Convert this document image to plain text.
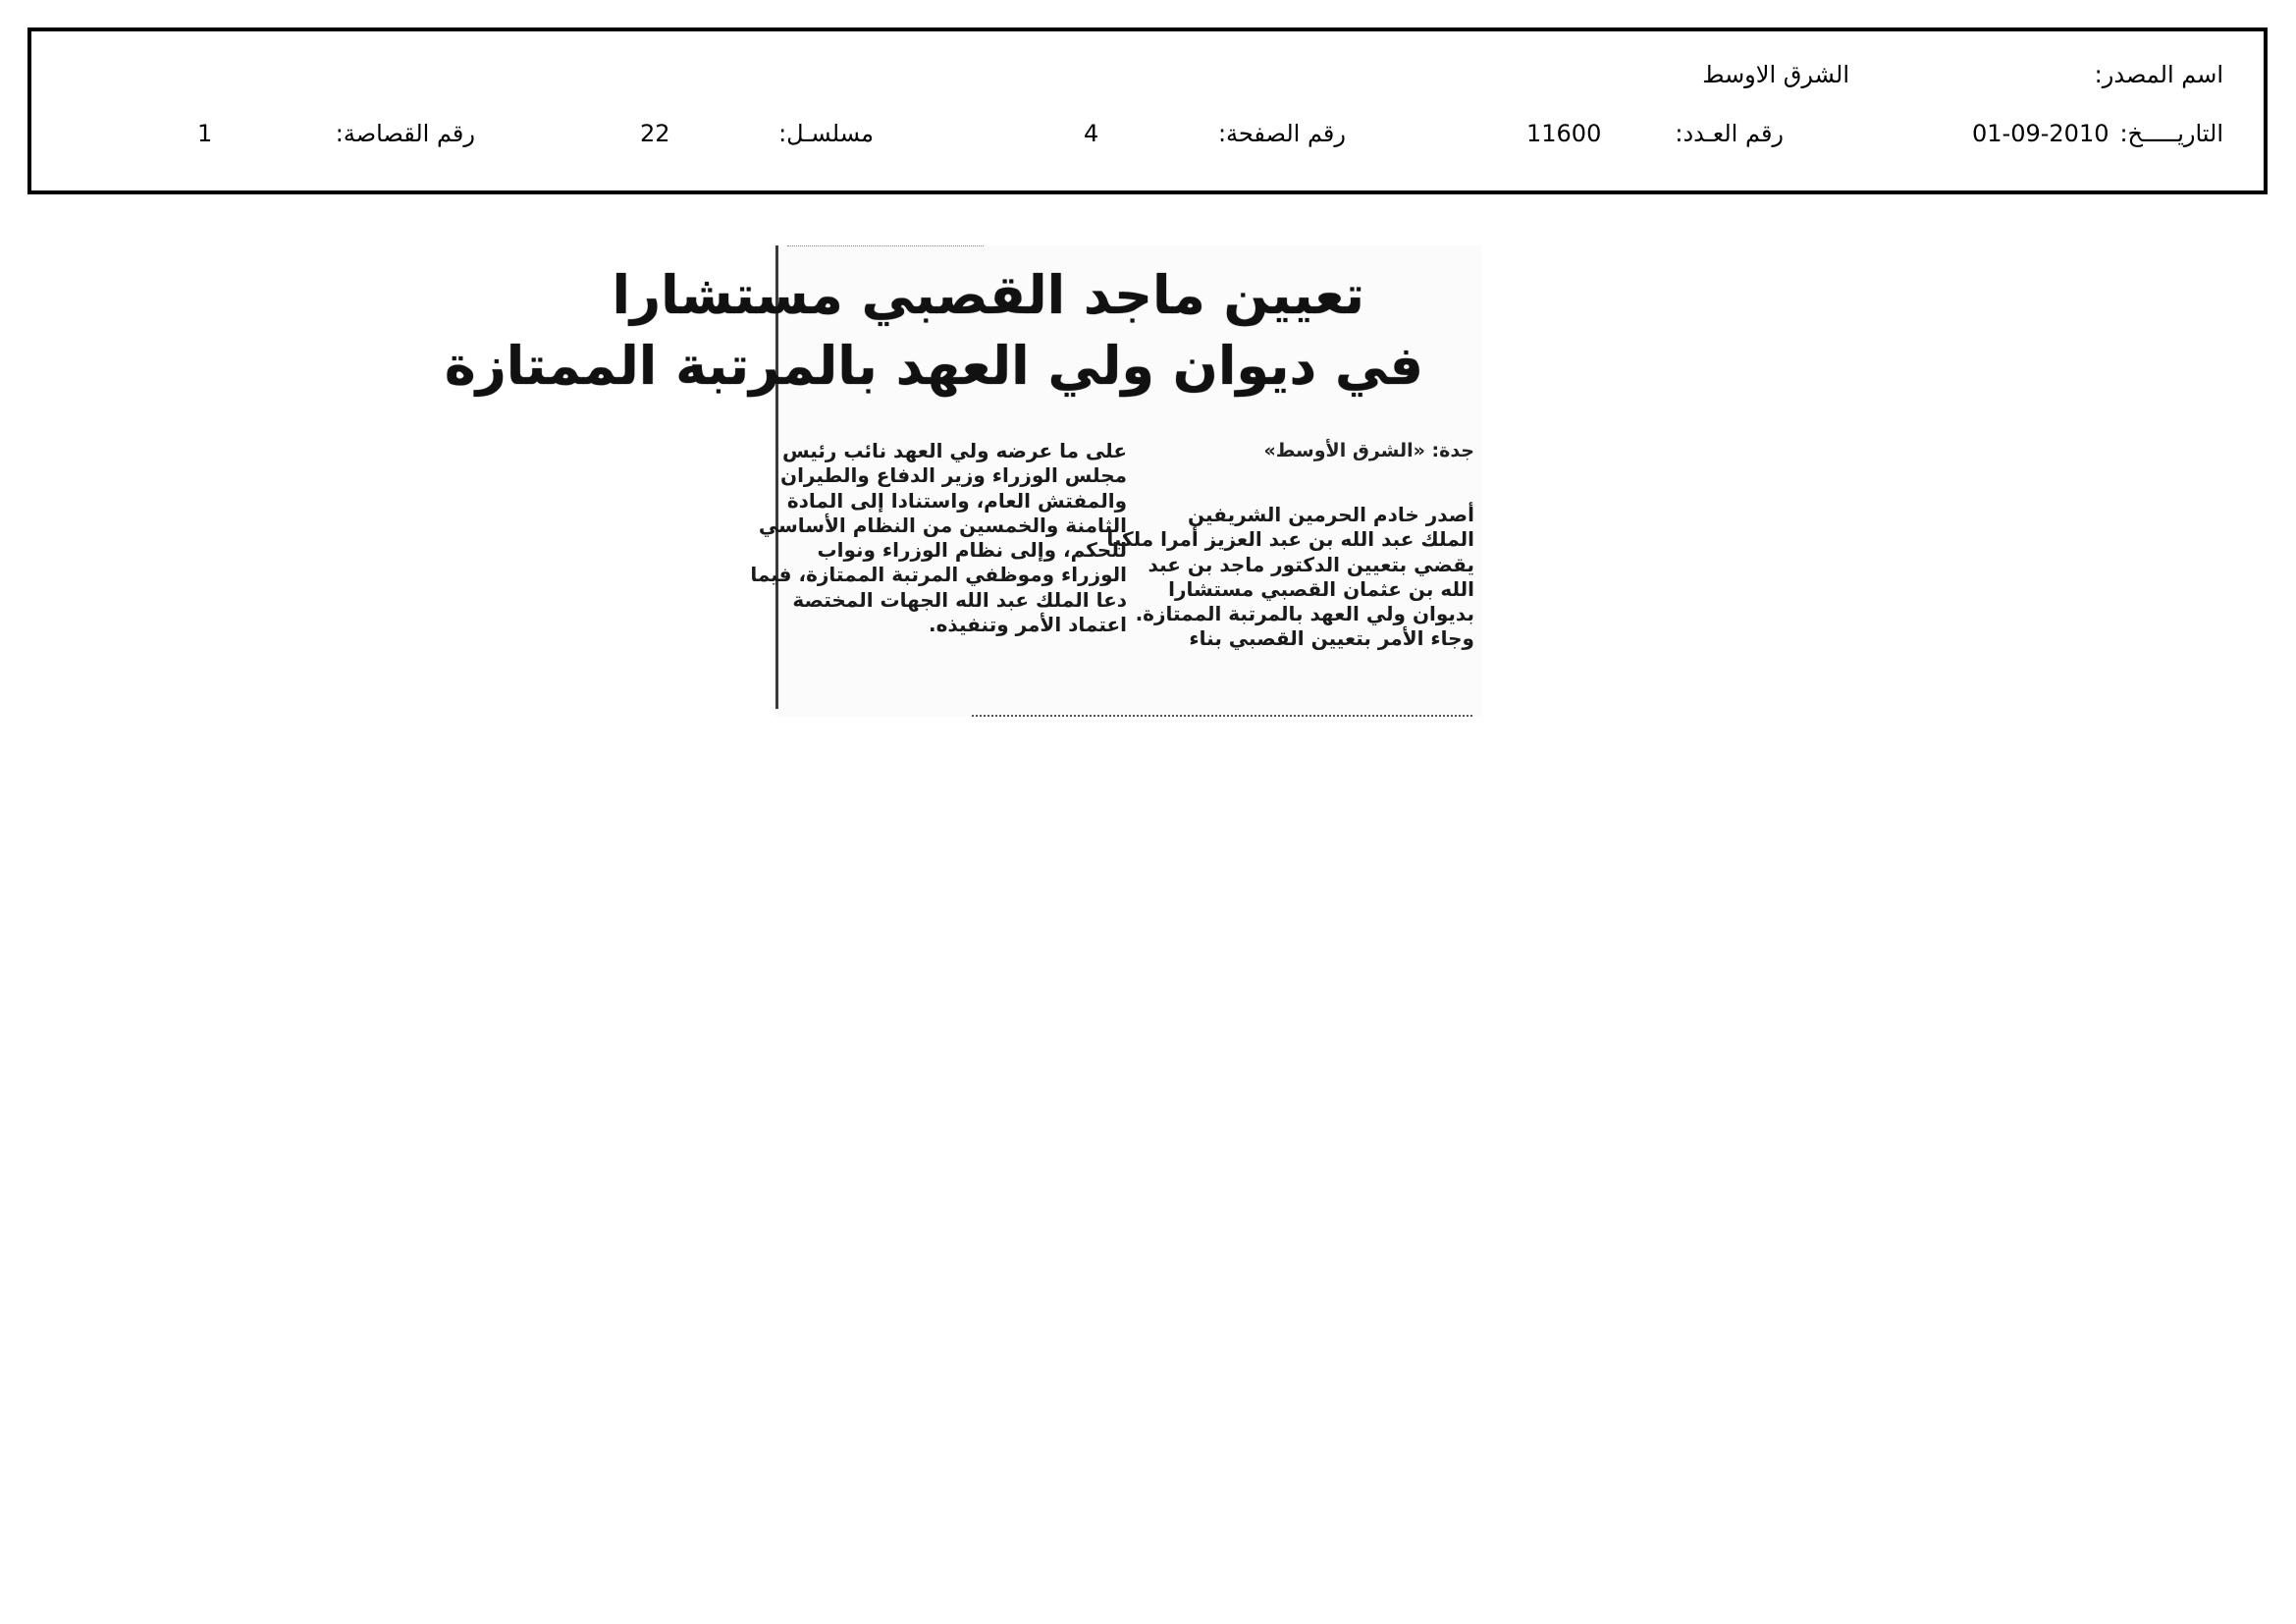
اسم المصدر:
الشرق الاوسط
التاريـــــخ:
01-09-2010
رقم العـدد:
11600
رقم الصفحة:
4
مسلسـل:
22
رقم القصاصة:
1
تعيين ماجد القصبي مستشارا
في ديوان ولي العهد بالمرتبة الممتازة
جدة: «الشرق الأوسط»
أصدر خادم الحرمين الشريفين
الملك عبد الله بن عبد العزيز أمرا ملكيا
يقضي بتعيين الدكتور ماجد بن عبد
الله بن عثمان القصبي مستشارا
بديوان ولي العهد بالمرتبة الممتازة.
وجاء الأمر بتعيين القصبي بناء
على ما عرضه ولي العهد نائب رئيس
مجلس الوزراء وزير الدفاع والطيران
والمفتش العام، واستنادا إلى المادة
الثامنة والخمسين من النظام الأساسي
للحكم، وإلى نظام الوزراء ونواب
الوزراء وموظفي المرتبة الممتازة، فيما
دعا الملك عبد الله الجهات المختصة
اعتماد الأمر وتنفيذه.
